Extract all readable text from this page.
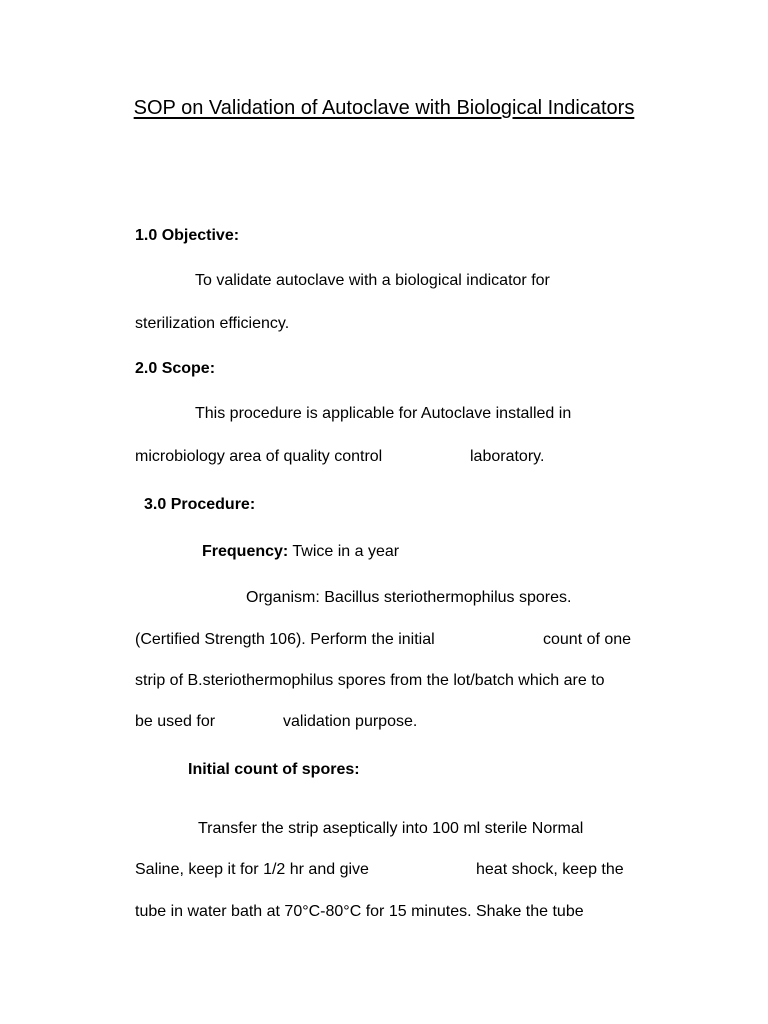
SOP on Validation of Autoclave with Biological Indicators
1.0 Objective:
To validate autoclave with a biological indicator for
sterilization efficiency.
2.0 Scope:
This procedure is applicable for Autoclave installed in
microbiology area of quality control	laboratory.
3.0 Procedure:
Frequency: Twice in a year
Organism: Bacillus steriothermophilus spores.
(Certified Strength 106). Perform the initial	count of one
strip of B.steriothermophilus spores from the lot/batch which are to
be used for	validation purpose.
Initial count of spores:
Transfer the strip aseptically into 100 ml sterile Normal
Saline, keep it for 1/2 hr and give	heat shock, keep the
tube in water bath at 70°C-80°C for 15 minutes. Shake the tube
